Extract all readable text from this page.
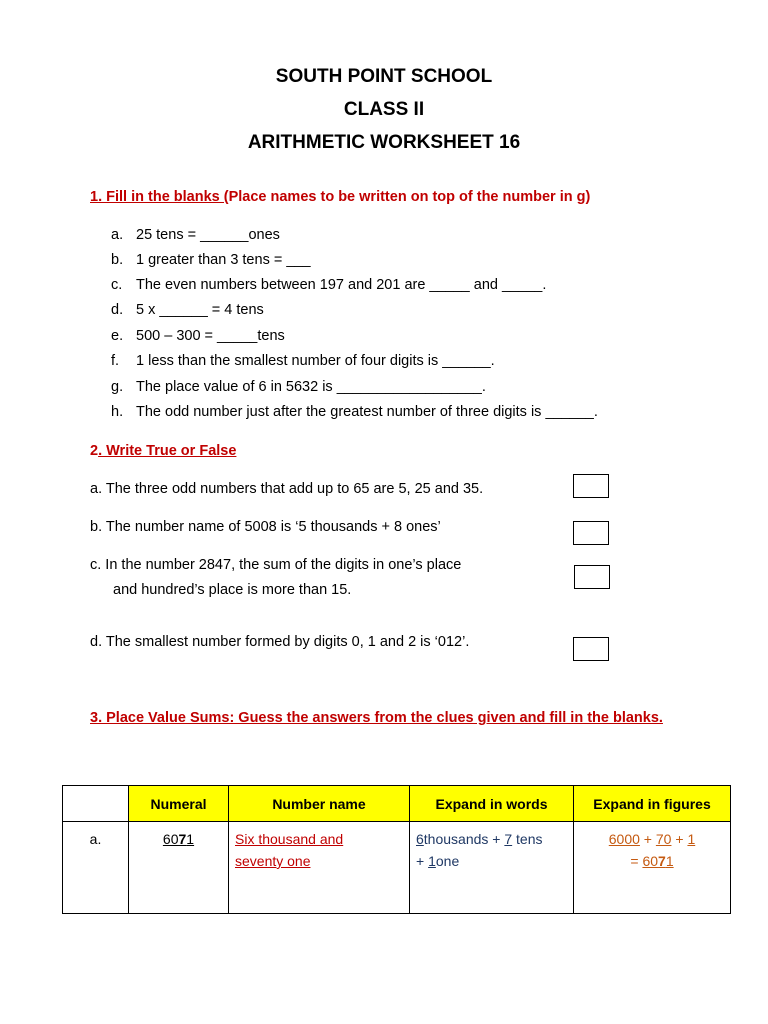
SOUTH POINT SCHOOL
CLASS II
ARITHMETIC WORKSHEET 16
1. Fill in the blanks (Place names to be written on top of the number in g)
a. 25 tens = ______ones
b. 1 greater than 3 tens = ___
c. The even numbers between 197 and 201 are _____ and _____.
d. 5 x ______ = 4 tens
e. 500 – 300 = _____tens
f. 1 less than the smallest number of four digits is ______.
g. The place value of 6 in 5632 is __________________.
h. The odd number just after the greatest number of three digits is ______.
2. Write True or False
a. The three odd numbers that add up to 65 are 5, 25 and 35.
b. The number name of 5008 is ‘5 thousands + 8 ones’
c. In the number 2847, the sum of the digits in one’s place
and hundred’s place is more than 15.
d. The smallest number formed by digits 0, 1 and 2 is ‘012’.
3. Place Value Sums: Guess the answers from the clues given and fill in the blanks.
	Numeral	Number name	Expand in words	Expand in figures
a.	6071	Six thousand and
seventy one	6thousands + 7 tens
+ 1one	6000 + 70 + 1
= 6071
